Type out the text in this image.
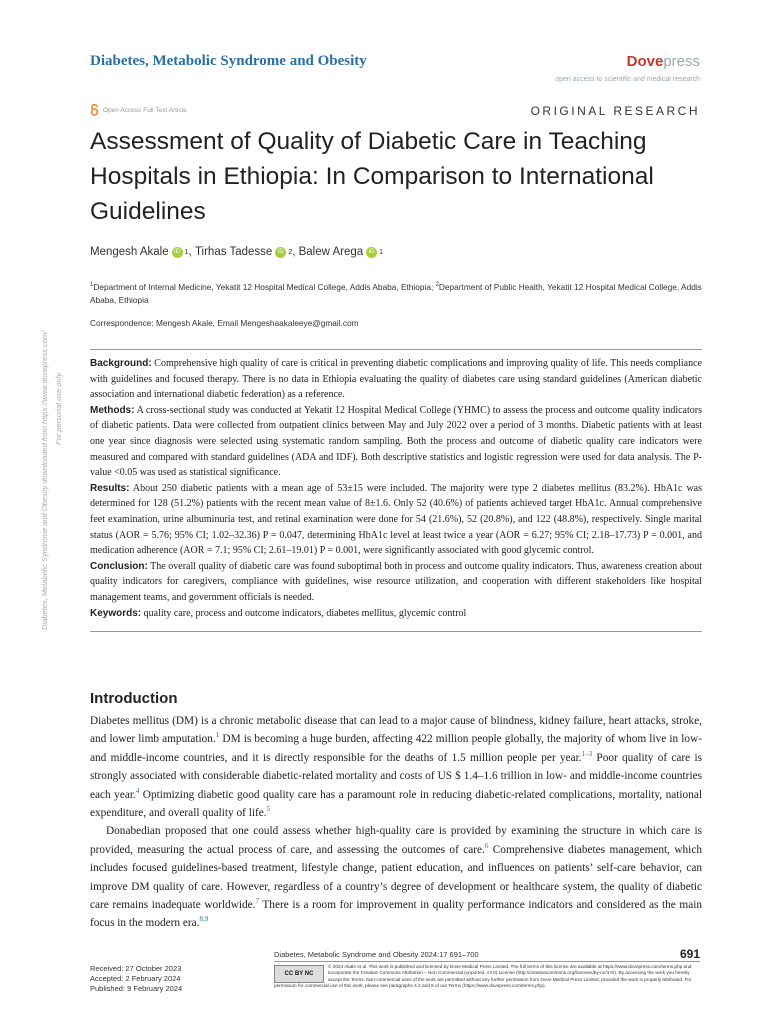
Diabetes, Metabolic Syndrome and Obesity	Dovepress
open access to scientific and medical research
Open Access Full Text Article	ORIGINAL RESEARCH
Assessment of Quality of Diabetic Care in Teaching Hospitals in Ethiopia: In Comparison to International Guidelines
Mengesh Akale iD 1 , Tirhas Tadesse iD 2 , Balew Arega iD 1
$^1$Department of Internal Medicine, Yekatit 12 Hospital Medical College, Addis Ababa, Ethiopia; $^2$Department of Public Health, Yekatit 12 Hospital Medical College, Addis Ababa, Ethiopia
Correspondence: Mengesh Akale, Email Mengeshaakaleeye@gmail.com

Background: Comprehensive high quality of care is critical in preventing diabetic complications and improving quality of life. This needs compliance with guidelines and focused therapy. There is no data in Ethiopia evaluating the quality of diabetes care using standard guidelines (American diabetic association and international diabetic federation) as a reference.

Methods: A cross-sectional study was conducted at Yekatit 12 Hospital Medical College (YHMC) to assess the process and outcome quality indicators of diabetic patients. Data were collected from outpatient clinics between May and July 2022 over a period of 3 months. Diabetic patients with at least one year since diagnosis were selected using systematic random sampling. Both the process and outcome of diabetic quality care indicators were measured and compared with standard guidelines (ADA and IDF). Both descriptive statistics and logistic regression were used for data analysis. The P-value <0.05 was used as statistical significance.

Results: About 250 diabetic patients with a mean age of 53±15 were included. The majority were type 2 diabetes mellitus (83.2%). HbA1c was determined for 128 (51.2%) patients with the recent mean value of 8±1.6. Only 52 (40.6%) of patients achieved target HbA1c. Annual comprehensive feet examination, urine albuminuria test, and retinal examination were done for 54 (21.6%), 52 (20.8%), and 122 (48.8%), respectively. Single marital status (AOR = 5.76; 95% CI; 1.02–32.36) P = 0.047, determining HbA1c level at least twice a year (AOR = 6.27; 95% CI; 2.18–17.73) P = 0.001, and medication adherence (AOR = 7.1; 95% CI; 2.61–19.01) P = 0.001, were significantly associated with good glycemic control.

Conclusion: The overall quality of diabetic care was found suboptimal both in process and outcome quality indicators. Thus, awareness creation about quality indicators for caregivers, compliance with guidelines, wise resource utilization, and cooperation with different stakeholders like hospital management teams, and government officials is needed.

Keywords: quality care, process and outcome indicators, diabetes mellitus, glycemic control

Introduction

Diabetes mellitus (DM) is a chronic metabolic disease that can lead to a major cause of blindness, kidney failure, heart attacks, stroke, and lower limb amputation.$^1$ DM is becoming a huge burden, affecting 422 million people globally, the majority of whom live in low- and middle-income countries, and it is directly responsible for the deaths of 1.5 million people per year.$^{1-3}$ Poor quality of care is strongly associated with considerable diabetic-related mortality and costs of US $ 1.4–1.6 trillion in low- and middle-income countries each year.$^4$ Optimizing diabetic good quality care has a paramount role in reducing diabetic-related complications, mortality, national expenditure, and overall quality of life.$^5$

Donabedian proposed that one could assess whether high-quality care is provided by examining the structure in which care is provided, measuring the actual process of care, and assessing the outcomes of care.$^6$ Comprehensive diabetes management, which includes focused guidelines-based treatment, lifestyle change, patient education, and influences on patients’ self-care behavior, can improve DM quality of care. However, regardless of a country’s degree of development or healthcare system, the quality of diabetic care remains inadequate worldwide.$^7$ There is a room for improvement in quality performance indicators and considered as the main focus in the modern era.$^{8,9}$

Diabetes, Metabolic Syndrome and Obesity downloaded from https://www.dovepress.com/ For personal use only.
Diabetes, Metabolic Syndrome and Obesity 2024:17 691–700	691
Received: 27 October 2023
Accepted: 2 February 2024
Published: 9 February 2024
CC BY NC
© 2024 Akale et al. This work is published and licensed by Dove Medical Press Limited. The full terms of this license are available at https://www.dovepress.com/terms.php and incorporate the Creative Commons Attribution – Non Commercial (unported, v3.0) License (http://creativecommons.org/licenses/by-nc/3.0/). By accessing the work you hereby accept the Terms. Non-commercial uses of the work are permitted without any further permission from Dove Medical Press Limited, provided the work is properly attributed. For permission for commercial use of this work, please see paragraphs 4.2 and 5 of our Terms (https://www.dovepress.com/terms.php).
